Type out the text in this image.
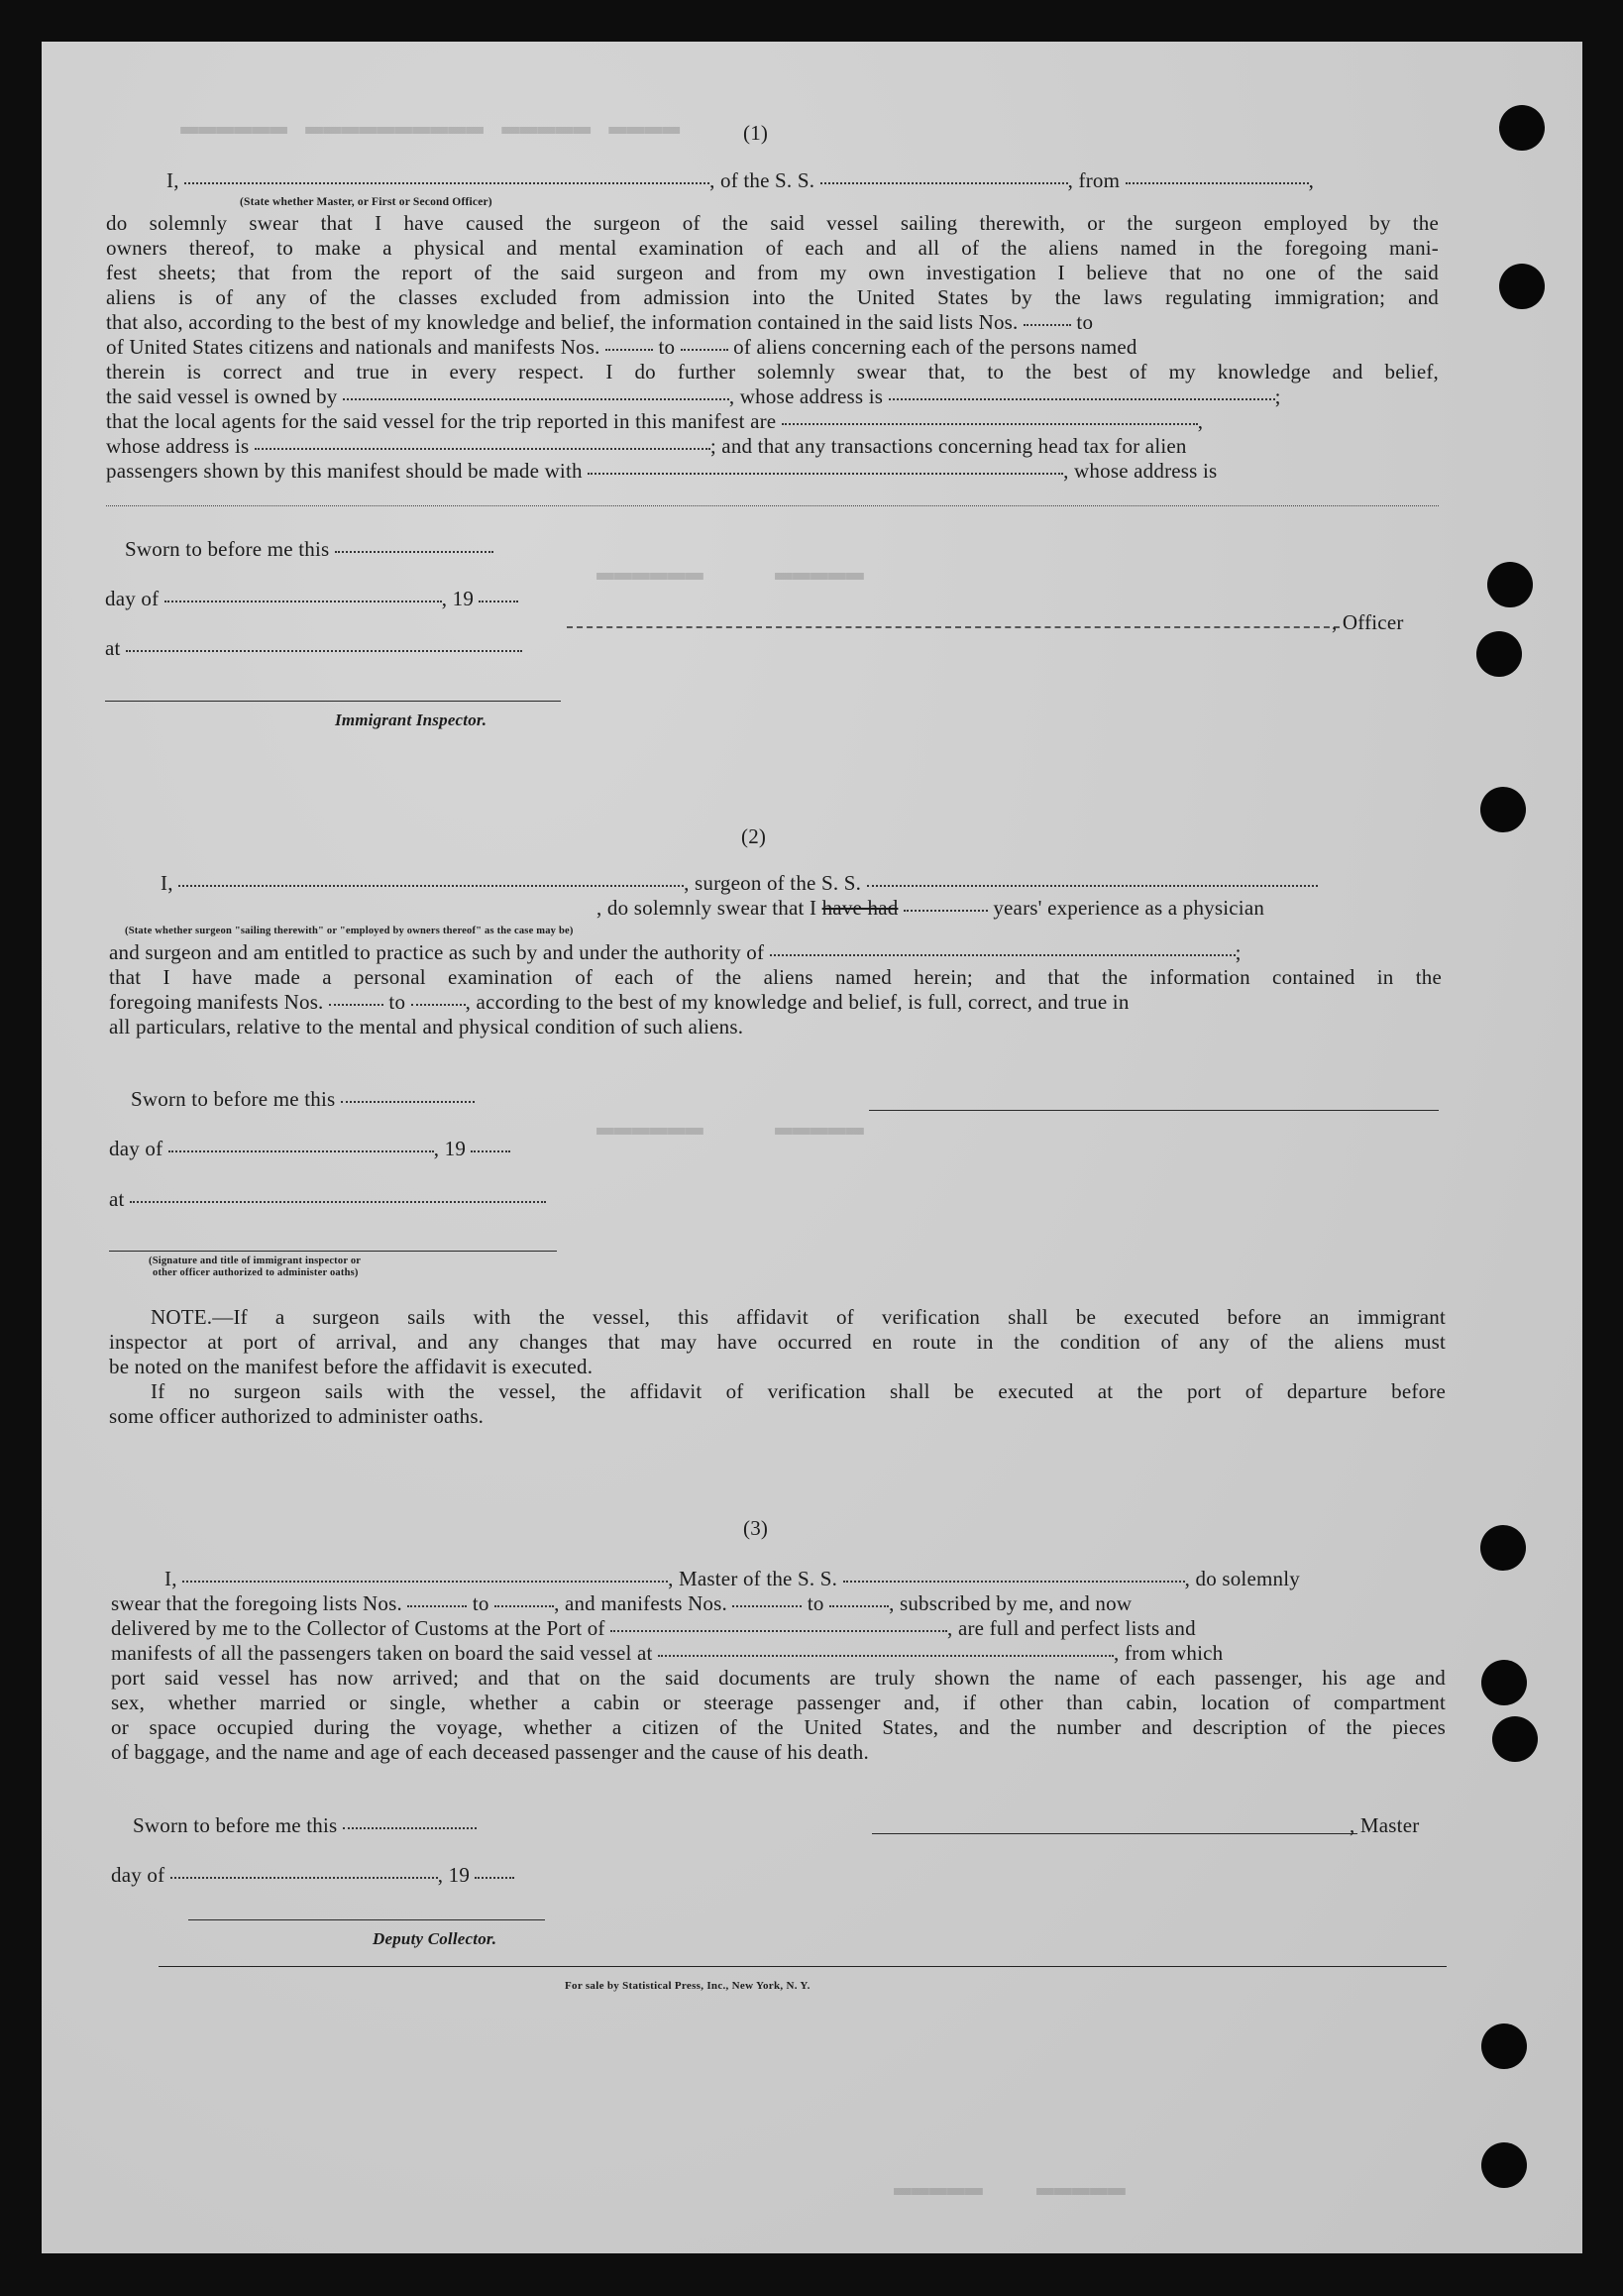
▬▬▬▬ ▬▬▬▬▬ ▬▬▬▬▬▬▬▬▬▬ ▬▬▬▬▬▬
▬▬▬▬▬▬    ▬▬▬▬▬
▬▬▬▬▬▬    ▬▬▬▬▬
▬▬▬▬▬   ▬▬▬▬▬
(1)
I,	, of the S. S.	, from	,
(State whether Master, or First or Second Officer)
do solemnly swear that I have caused the surgeon of the said vessel sailing therewith, or the surgeon employed by the
owners thereof, to make a physical and mental examination of each and all of the aliens named in the foregoing mani-
fest sheets; that from the report of the said surgeon and from my own investigation I believe that no one of the said
aliens is of any of the classes excluded from admission into the United States by the laws regulating immigration; and
that also, according to the best of my knowledge and belief, the information contained in the said lists Nos.	to
of United States citizens and nationals and manifests Nos.	to	of aliens concerning each of the persons named
therein is correct and true in every respect. I do further solemnly swear that, to the best of my knowledge and belief,
the said vessel is owned by	, whose address is	;
that the local agents for the said vessel for the trip reported in this manifest are	,
whose address is	; and that any transactions concerning head tax for alien
passengers shown by this manifest should be made with	, whose address is
Sworn to before me this
day of	, 19
at
, Officer
Immigrant Inspector.
(2)
I,	, surgeon of the S. S.
, do solemnly swear that I have had	years' experience as a physician
(State whether surgeon "sailing therewith" or "employed by owners thereof" as the case may be)
and surgeon and am entitled to practice as such by and under the authority of	;
that I have made a personal examination of each of the aliens named herein; and that the information contained in the
foregoing manifests Nos.	to	, according to the best of my knowledge and belief, is full, correct, and true in
all particulars, relative to the mental and physical condition of such aliens.
Sworn to before me this
day of	, 19
at
(Signature and title of immigrant inspector or
other officer authorized to administer oaths)
NOTE.—If a surgeon sails with the vessel, this affidavit of verification shall be executed before an immigrant
inspector at port of arrival, and any changes that may have occurred en route in the condition of any of the aliens must
be noted on the manifest before the affidavit is executed.
If no surgeon sails with the vessel, the affidavit of verification shall be executed at the port of departure before
some officer authorized to administer oaths.
(3)
I,	, Master of the S. S.	, do solemnly
swear that the foregoing lists Nos.	to	, and manifests Nos.	to	, subscribed by me, and now
delivered by me to the Collector of Customs at the Port of	, are full and perfect lists and
manifests of all the passengers taken on board the said vessel at	, from which
port said vessel has now arrived; and that on the said documents are truly shown the name of each passenger, his age and
sex, whether married or single, whether a cabin or steerage passenger and, if other than cabin, location of compartment
or space occupied during the voyage, whether a citizen of the United States, and the number and description of the pieces
of baggage, and the name and age of each deceased passenger and the cause of his death.
Sworn to before me this	, Master
day of	, 19
Deputy Collector.
For sale by Statistical Press, Inc., New York, N. Y.
